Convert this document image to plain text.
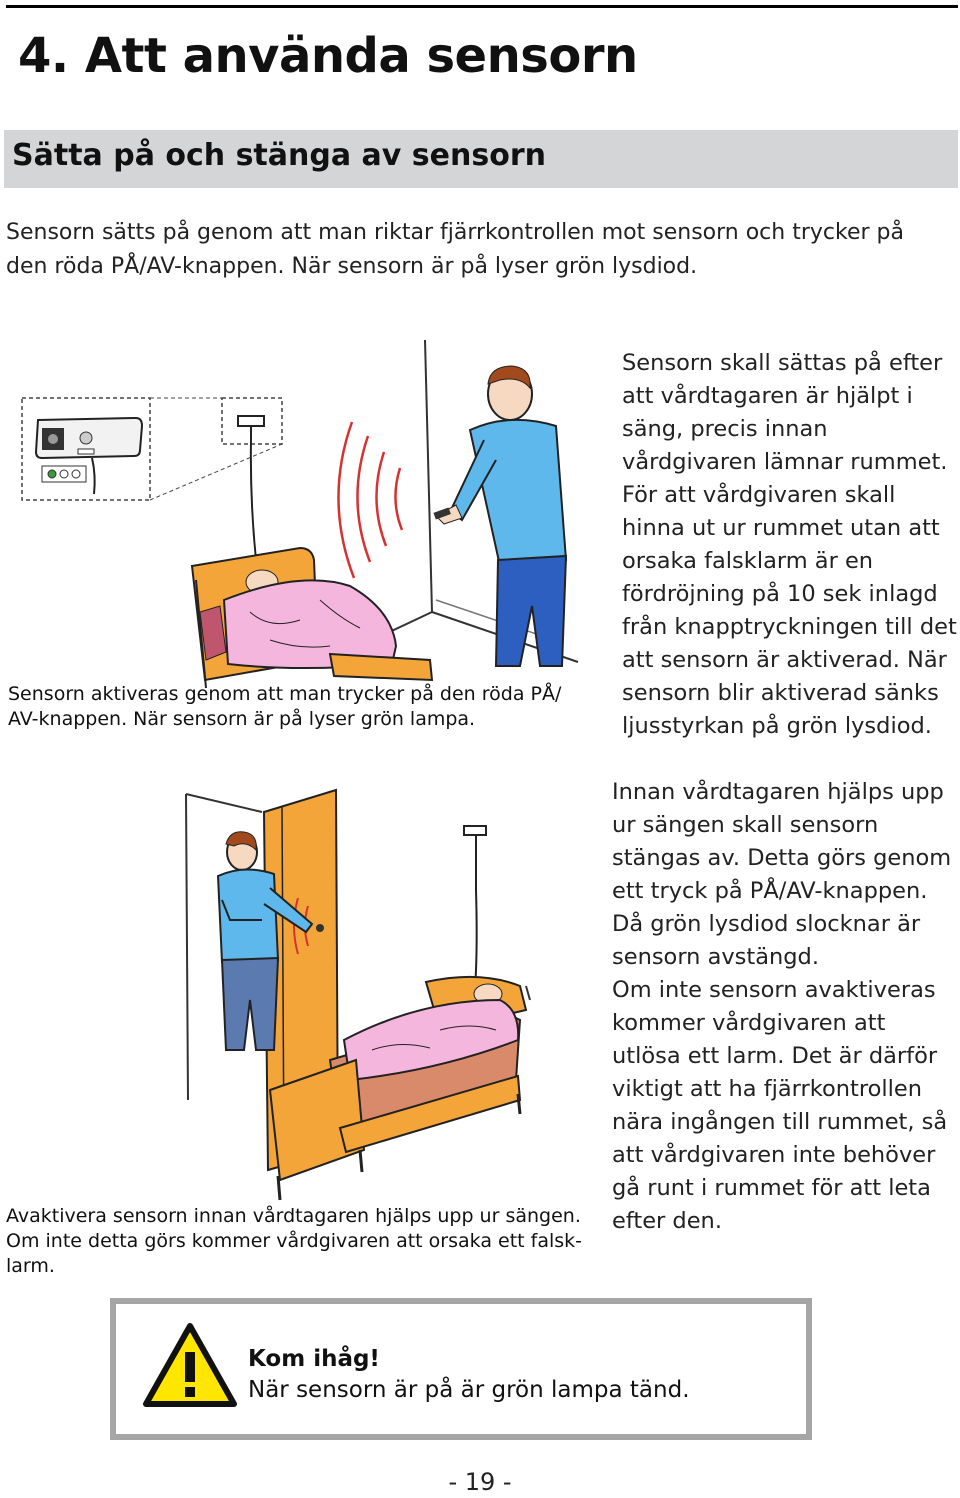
4. Att använda sensorn
Sätta på och stänga av sensorn

Sensorn sätts på genom att man riktar fjärrkontrollen mot sensorn och trycker på den röda PÅ/AV-knappen. När sensorn är på lyser grön lysdiod.

Sensorn aktiveras genom att man trycker på den röda PÅ/ AV-knappen. När sensorn är på lyser grön lampa.

Sensorn skall sättas på efter att vårdtagaren är hjälpt i säng, precis innan vårdgivaren lämnar rummet. För att vårdgivaren skall hinna ut ur rummet utan att orsaka falsklarm är en fördröjning på 10 sek inlagd från knapptryckningen till det att sensorn är aktiverad. När sensorn blir aktiverad sänks ljusstyrkan på grön lysdiod.

Innan vårdtagaren hjälps upp ur sängen skall sensorn stängas av. Detta görs genom ett tryck på PÅ/AV-knappen. Då grön lysdiod slocknar är sensorn avstängd.

Om inte sensorn avaktiveras kommer vårdgivaren att utlösa ett larm. Det är därför viktigt att ha fjärrkontrollen nära ingången till rummet, så att vårdgivaren inte behöver gå runt i rummet för att leta efter den.

Avaktivera sensorn innan vårdtagaren hjälps upp ur sängen. Om inte detta görs kommer vårdgivaren att orsaka ett falsk-larm.

Kom ihåg!
När sensorn är på är grön lampa tänd.
- 19 -
